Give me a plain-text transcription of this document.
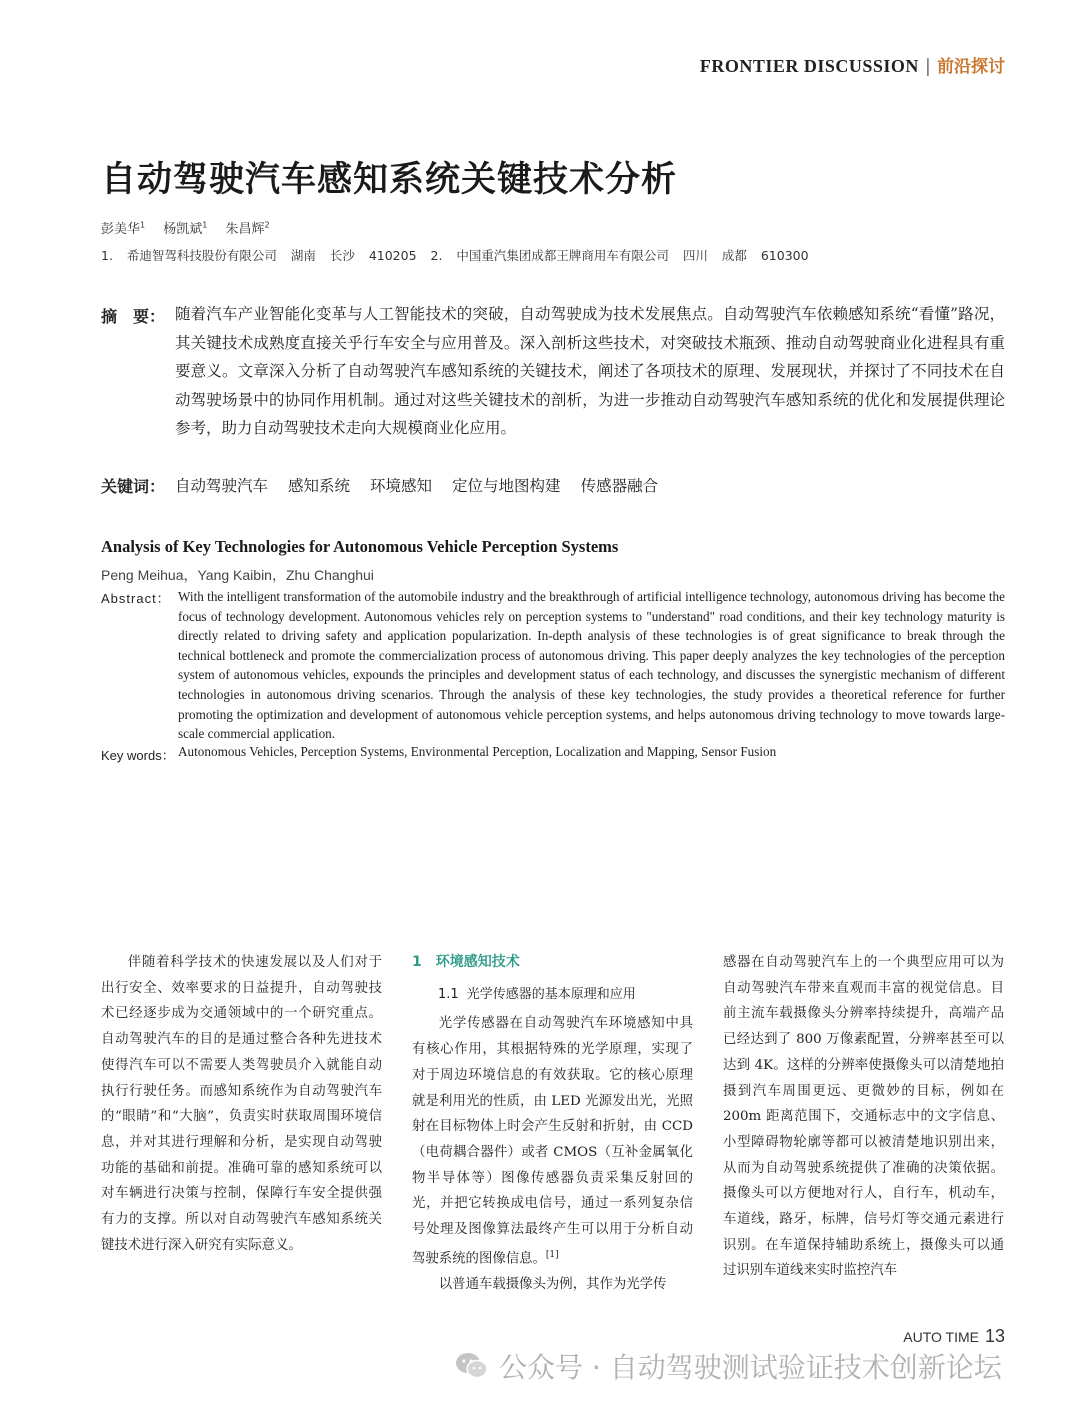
FRONTIER DISCUSSION | 前沿探讨
自动驾驶汽车感知系统关键技术分析
彭美华$^1$ 杨凯斌$^1$ 朱昌辉$^2$
1. 希迪智驾科技股份有限公司 湖南 长沙 410205 2. 中国重汽集团成都王牌商用车有限公司 四川 成都 610300
摘　要： 随着汽车产业智能化变革与人工智能技术的突破，自动驾驶成为技术发展焦点。自动驾驶汽车依赖感知系统“看懂”路况，其关键技术成熟度直接关乎行车安全与应用普及。深入剖析这些技术，对突破技术瓶颈、推动自动驾驶商业化进程具有重要意义。文章深入分析了自动驾驶汽车感知系统的关键技术，阐述了各项技术的原理、发展现状，并探讨了不同技术在自动驾驶场景中的协同作用机制。通过对这些关键技术的剖析，为进一步推动自动驾驶汽车感知系统的优化和发展提供理论参考，助力自动驾驶技术走向大规模商业化应用。
关键词： 自动驾驶汽车 感知系统 环境感知 定位与地图构建 传感器融合
Analysis of Key Technologies for Autonomous Vehicle Perception Systems
Peng Meihua，Yang Kaibin，Zhu Changhui
Abstract： With the intelligent transformation of the automobile industry and the breakthrough of artificial intelligence technology, autonomous driving has become the focus of technology development. Autonomous vehicles rely on perception systems to "understand" road conditions, and their key technology maturity is directly related to driving safety and application popularization. In-depth analysis of these technologies is of great significance to break through the technical bottleneck and promote the commercialization process of autonomous driving. This paper deeply analyzes the key technologies of the perception system of autonomous vehicles, expounds the principles and development status of each technology, and discusses the synergistic mechanism of different technologies in autonomous driving scenarios. Through the analysis of these key technologies, the study provides a theoretical reference for further promoting the optimization and development of autonomous vehicle perception systems, and helps autonomous driving technology to move towards large-scale commercial application.
Key words： Autonomous Vehicles, Perception Systems, Environmental Perception, Localization and Mapping, Sensor Fusion

伴随着科学技术的快速发展以及人们对于出行安全、效率要求的日益提升，自动驾驶技术已经逐步成为交通领域中的一个研究重点。自动驾驶汽车的目的是通过整合各种先进技术使得汽车可以不需要人类驾驶员介入就能自动执行行驶任务。而感知系统作为自动驾驶汽车的“眼睛”和“大脑”，负责实时获取周围环境信息，并对其进行理解和分析，是实现自动驾驶功能的基础和前提。准确可靠的感知系统可以对车辆进行决策与控制，保障行车安全提供强有力的支撑。所以对自动驾驶汽车感知系统关键技术进行深入研究有实际意义。

1 环境感知技术
1.1 光学传感器的基本原理和应用

光学传感器在自动驾驶汽车环境感知中具有核心作用，其根据特殊的光学原理，实现了对于周边环境信息的有效获取。它的核心原理就是利用光的性质，由 LED 光源发出光，光照射在目标物体上时会产生反射和折射，由 CCD（电荷耦合器件）或者 CMOS（互补金属氧化物半导体等）图像传感器负责采集反射回的光，并把它转换成电信号，通过一系列复杂信号处理及图像算法最终产生可以用于分析自动驾驶系统的图像信息。[1]

以普通车载摄像头为例，其作为光学传

感器在自动驾驶汽车上的一个典型应用可以为自动驾驶汽车带来直观而丰富的视觉信息。目前主流车载摄像头分辨率持续提升，高端产品已经达到了 800 万像素配置，分辨率甚至可以达到 4K。这样的分辨率使摄像头可以清楚地拍摄到汽车周围更远、更微妙的目标，例如在 200m 距离范围下，交通标志中的文字信息、小型障碍物轮廓等都可以被清楚地识别出来，从而为自动驾驶系统提供了准确的决策依据。摄像头可以方便地对行人，自行车，机动车，车道线，路牙，标牌，信号灯等交通元素进行识别。在车道保持辅助系统上，摄像头可以通过识别车道线来实时监控汽车

AUTO TIME 13
公众号 · 自动驾驶测试验证技术创新论坛
